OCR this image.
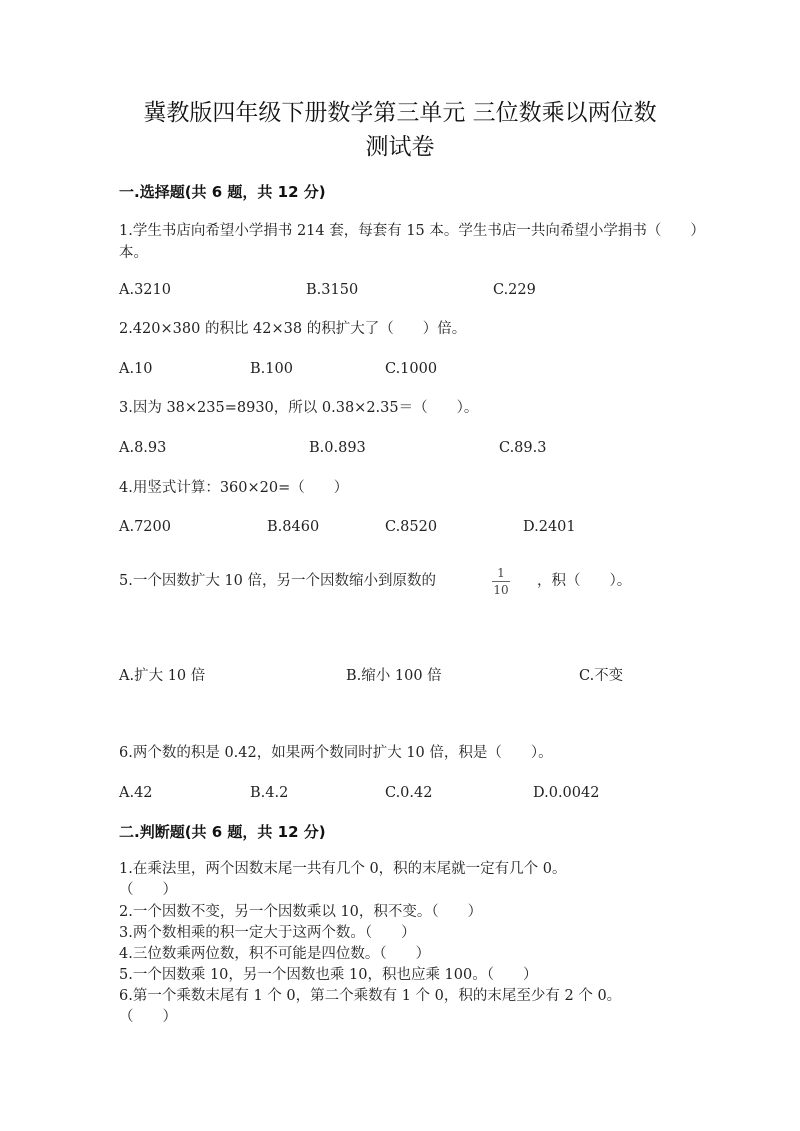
冀教版四年级下册数学第三单元 三位数乘以两位数
测试卷
一.选择题(共 6 题，共 12 分)
1.学生书店向希望小学捐书 214 套，每套有 15 本。学生书店一共向希望小学捐书（　　）本。
A.3210	B.3150	C.229
2.420×380 的积比 42×38 的积扩大了（　　）倍。
A.10	B.100	C.1000
3.因为 38×235=8930，所以 0.38×2.35＝（　　）。
A.8.93	B.0.893	C.89.3
4.用竖式计算：360×20=（　　）
A.7200	B.8460	C.8520	D.2401
5.一个因数扩大 10 倍，另一个因数缩小到原数的	1
10
，积（　　）。
A.扩大 10 倍	B.缩小 100 倍	C.不变
6.两个数的积是 0.42，如果两个数同时扩大 10 倍，积是（　　）。
A.42	B.4.2	C.0.42	D.0.0042
二.判断题(共 6 题，共 12 分)
1.在乘法里，两个因数末尾一共有几个 0，积的末尾就一定有几个 0。
（　　）
2.一个因数不变，另一个因数乘以 10，积不变。（　　）
3.两个数相乘的积一定大于这两个数。（　　）
4.三位数乘两位数，积不可能是四位数。（　　）
5.一个因数乘 10，另一个因数也乘 10，积也应乘 100。（　　）
6.第一个乘数末尾有 1 个 0，第二个乘数有 1 个 0，积的末尾至少有 2 个 0。
（　　）
